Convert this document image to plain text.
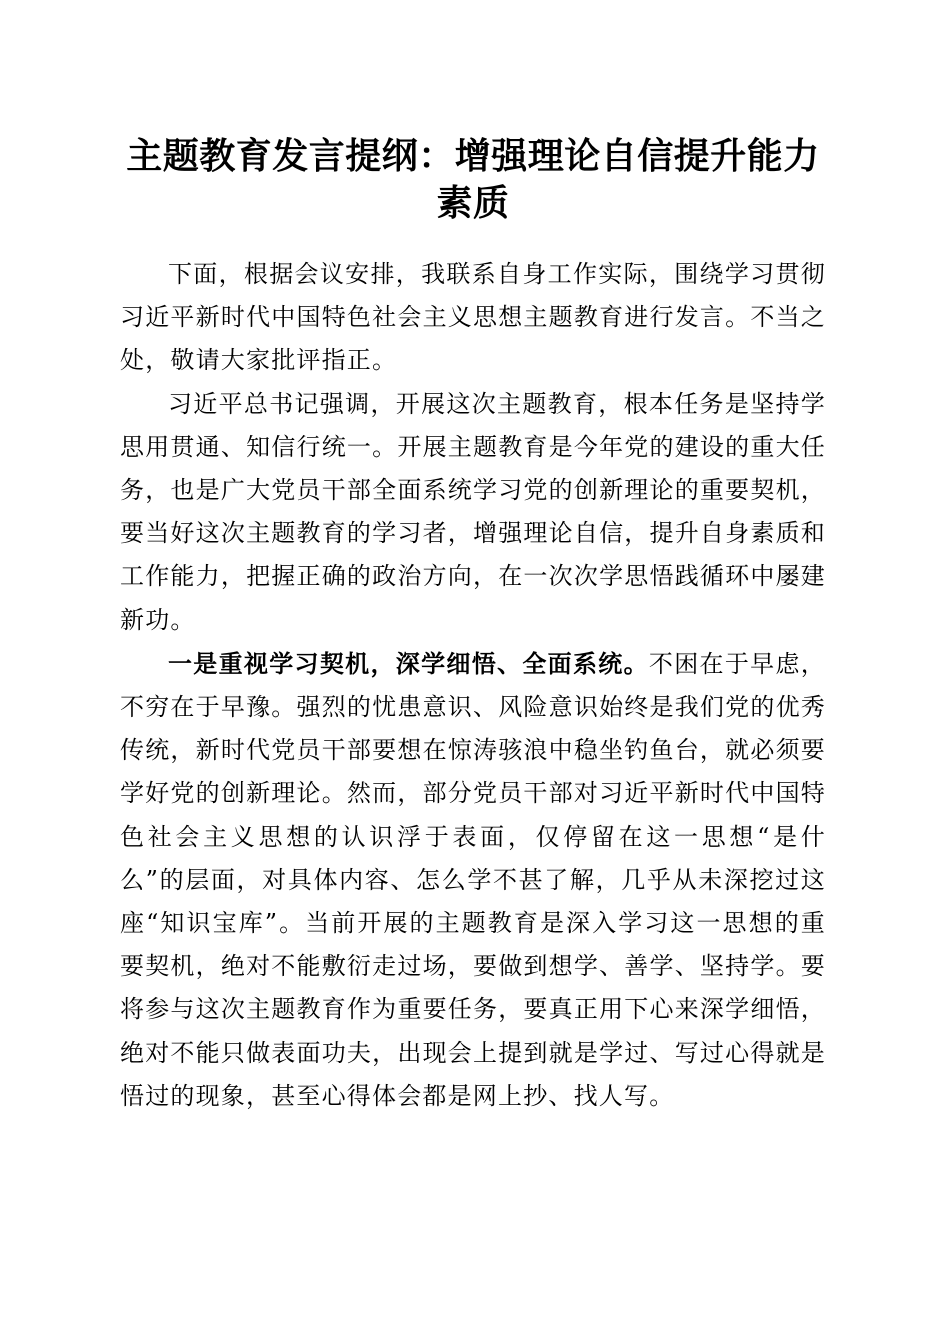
主题教育发言提纲：增强理论自信提升能力素质

下面，根据会议安排，我联系自身工作实际，围绕学习贯彻习近平新时代中国特色社会主义思想主题教育进行发言。不当之处，敬请大家批评指正。

习近平总书记强调，开展这次主题教育，根本任务是坚持学思用贯通、知信行统一。开展主题教育是今年党的建设的重大任务，也是广大党员干部全面系统学习党的创新理论的重要契机，要当好这次主题教育的学习者，增强理论自信，提升自身素质和工作能力，把握正确的政治方向，在一次次学思悟践循环中屡建新功。

一是重视学习契机，深学细悟、全面系统。不困在于早虑，不穷在于早豫。强烈的忧患意识、风险意识始终是我们党的优秀传统，新时代党员干部要想在惊涛骇浪中稳坐钓鱼台，就必须要学好党的创新理论。然而，部分党员干部对习近平新时代中国特色社会主义思想的认识浮于表面，仅停留在这一思想“是什么”的层面，对具体内容、怎么学不甚了解，几乎从未深挖过这座“知识宝库”。当前开展的主题教育是深入学习这一思想的重要契机，绝对不能敷衍走过场，要做到想学、善学、坚持学。要将参与这次主题教育作为重要任务，要真正用下心来深学细悟，绝对不能只做表面功夫，出现会上提到就是学过、写过心得就是悟过的现象，甚至心得体会都是网上抄、找人写。
